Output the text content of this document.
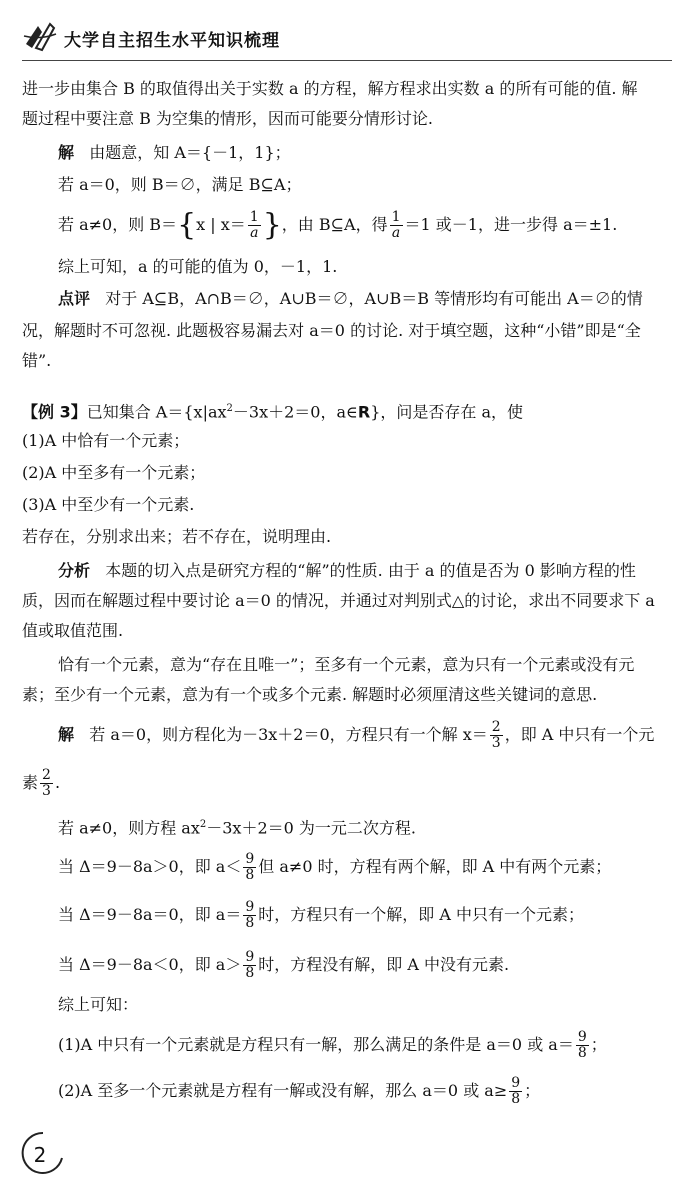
大学自主招生水平知识梳理
进一步由集合 B 的取值得出关于实数 a 的方程，解方程求出实数 a 的所有可能的值. 解
题过程中要注意 B 为空集的情形，因而可能要分情形讨论.
解 由题意，知 A＝{－1，1}；
若 a＝0，则 B＝∅，满足 B⊆A；
若 a≠0，则 B＝{x | $x= \frac{1}{a}$ }，由 B⊆A，得 $\frac{1}{a} =1$ 或－1，进一步得 a＝±1.
综上可知，a 的可能的值为 0，－1，1.
点评 对于 A⊆B，A∩B＝∅，A∪B＝∅，A∪B＝B 等情形均有可能出 A＝∅的情
况，解题时不可忽视. 此题极容易漏去对 a＝0 的讨论. 对于填空题，这种“小错”即是“全
错”.
【例 3】已知集合 $A=\{x|ax^2-3x+2=0$，a∈R}，问是否存在 a，使
(1)A 中恰有一个元素；
(2)A 中至多有一个元素；
(3)A 中至少有一个元素.
若存在，分别求出来；若不存在，说明理由.
分析 本题的切入点是研究方程的“解”的性质. 由于 a 的值是否为 0 影响方程的性
质，因而在解题过程中要讨论 a＝0 的情况，并通过对判别式△的讨论，求出不同要求下 a
值或取值范围.
恰有一个元素，意为“存在且唯一”；至多有一个元素，意为只有一个元素或没有元
素；至少有一个元素，意为有一个或多个元素. 解题时必须厘清这些关键词的意思.
解 若 a＝0，则方程化为－3x＋2＝0，方程只有一个解 $x= \frac{2}{3}$ ，即 A 中只有一个元
素 $\frac{2}{3}$ .
若 a≠0，则方程 $ax^2-3x+2=0$ 为一元二次方程.
当 Δ＝9－8a＞0，即 $a< \frac{9}{8}$ 但 a≠0 时，方程有两个解，即 A 中有两个元素；
当 Δ＝9－8a＝0，即 $a= \frac{9}{8}$ 时，方程只有一个解，即 A 中只有一个元素；
当 Δ＝9－8a＜0，即 $a> \frac{9}{8}$ 时，方程没有解，即 A 中没有元素.
综上可知：
(1)A 中只有一个元素就是方程只有一解，那么满足的条件是 a＝0 或 $a= \frac{9}{8}$ ；
(2)A 至多一个元素就是方程有一解或没有解，那么 a＝0 或 $a\ge \frac{9}{8}$ ；
2
